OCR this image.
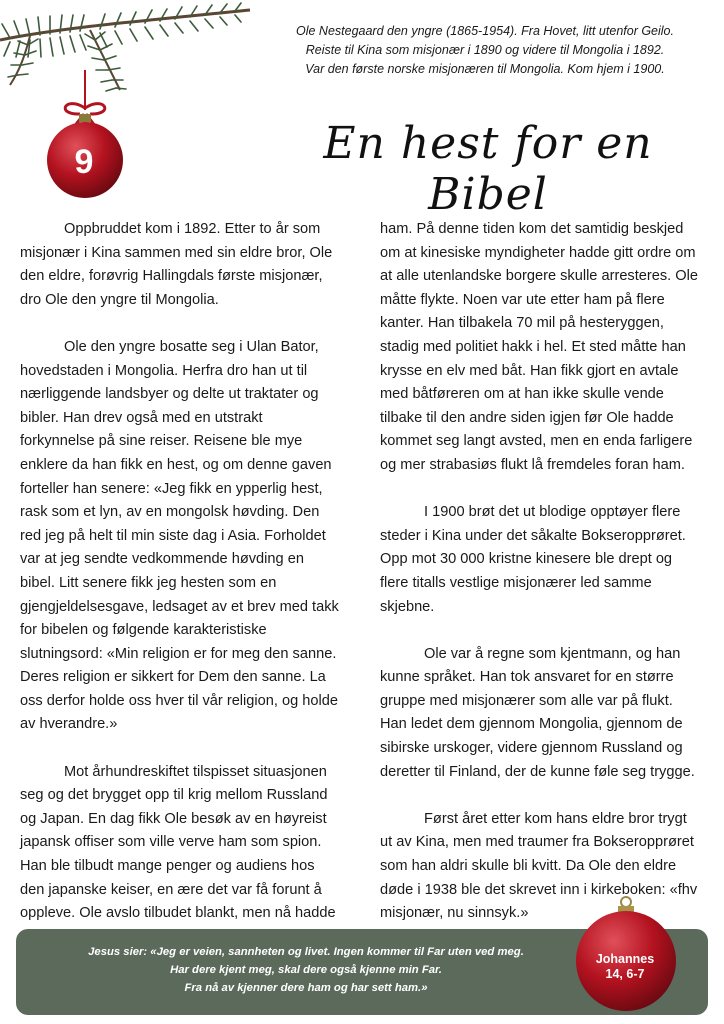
9

Ole Nestegaard den yngre (1865-1954). Fra Hovet, litt utenfor Geilo.

Reiste til Kina som misjonær i 1890 og videre til Mongolia i 1892.

Var den første norske misjonæren til Mongolia. Kom hjem i 1900.

En hest for en Bibel

Oppbruddet kom i 1892. Etter to år som misjonær i Kina sammen med sin eldre bror, Ole den eldre, forøvrig Hallingdals første misjonær, dro Ole den yngre til Mongolia.

Ole den yngre bosatte seg i Ulan Bator, hovedstaden i Mongolia. Herfra dro han ut til nærliggende landsbyer og delte ut traktater og bibler. Han drev også med en utstrakt forkynnelse på sine reiser. Reisene ble mye enklere da han fikk en hest, og om denne gaven forteller han senere: «Jeg fikk en ypperlig hest, rask som et lyn, av en mongolsk høvding. Den red jeg på helt til min siste dag i Asia. Forholdet var at jeg sendte vedkommende høvding en bibel. Litt senere fikk jeg hesten som en gjengjeldelsesgave, ledsaget av et brev med takk for bibelen og følgende karakteristiske slutningsord: «Min religion er for meg den sanne. Deres religion er sikkert for Dem den sanne. La oss derfor holde oss hver til vår religion, og holde av hverandre.»

Mot århundreskiftet tilspisset situasjonen seg og det brygget opp til krig mellom Russland og Japan. En dag fikk Ole besøk av en høyreist japansk offiser som ville verve ham som spion. Han ble tilbudt mange penger og audiens hos den japanske keiser, en ære det var få forunt å oppleve. Ole avslo tilbudet blankt, men nå hadde

ham. På denne tiden kom det samtidig beskjed om at kinesiske myndigheter hadde gitt ordre om at alle utenlandske borgere skulle arresteres. Ole måtte flykte. Noen var ute etter ham på flere kanter. Han tilbakela 70 mil på hesteryggen, stadig med politiet hakk i hel. Et sted måtte han krysse en elv med båt. Han fikk gjort en avtale med båtføreren om at han ikke skulle vende tilbake til den andre siden igjen før Ole hadde kommet seg langt avsted, men en enda farligere og mer strabasiøs flukt lå fremdeles foran ham.

I 1900 brøt det ut blodige opptøyer flere steder i Kina under det såkalte Bokseropprøret. Opp mot 30 000 kristne kinesere ble drept og flere titalls vestlige misjonærer led samme skjebne.

Ole var å regne som kjentmann, og han kunne språket. Han tok ansvaret for en større gruppe med misjonærer som alle var på flukt. Han ledet dem gjennom Mongolia, gjennom de sibirske urskoger, videre gjennom Russland og deretter til Finland, der de kunne føle seg trygge.

Først året etter kom hans eldre bror trygt ut av Kina, men med traumer fra Bokseropprøret som han aldri skulle bli kvitt. Da Ole den eldre døde i 1938 ble det skrevet inn i kirkeboken: «fhv misjonær, nu sinnsyk.»

Jesus sier: «Jeg er veien, sannheten og livet. Ingen kommer til Far uten ved meg.

Har dere kjent meg, skal dere også kjenne min Far.

Fra nå av kjenner dere ham og har sett ham.»

Johannes
14, 6-7
